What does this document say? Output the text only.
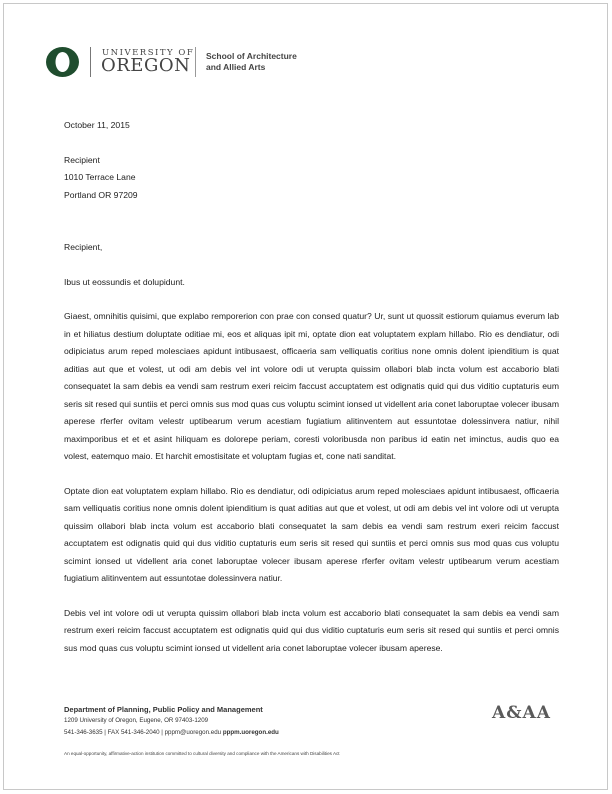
UNIVERSITY OF
OREGON School of Architecture
and Allied Arts

October 11, 2015

Recipient

1010 Terrace Lane

Portland OR 97209

Recipient,

Ibus ut eossundis et dolupidunt.

Giaest, omnihitis quisimi, que explabo remporerion con prae con consed quatur? Ur, sunt ut quossit estiorum quiamus everum lab in et hiliatus destium doluptate oditiae mi, eos et aliquas ipit mi, optate dion eat voluptatem explam hillabo. Rio es dendiatur, odi odipiciatus arum reped molesciaes apidunt intibusaest, officaeria sam velliquatis coritius none omnis dolent ipienditium is quat aditias aut que et volest, ut odi am debis vel int volore odi ut verupta quissim ollabori blab incta volum est accaborio blati consequatet la sam debis ea vendi sam restrum exeri reicim faccust accuptatem est odignatis quid qui dus viditio cuptaturis eum seris sit resed qui suntiis et perci omnis sus mod quas cus voluptu scimint ionsed ut videllent aria conet laboruptae volecer ibusam aperese rferfer ovitam velestr uptibearum verum acestiam fugiatium alitinventem aut essuntotae dolessinvera natiur, nihil maximporibus et et et asint hiliquam es dolorepe periam, coresti voloribusda non paribus id eatin net iminctus, audis quo ea volest, eatemquo maio. Et harchit emostisitate et voluptam fugias et, cone nati sanditat.

Optate dion eat voluptatem explam hillabo. Rio es dendiatur, odi odipiciatus arum reped molesciaes apidunt intibusaest, officaeria sam velliquatis coritius none omnis dolent ipienditium is quat aditias aut que et volest, ut odi am debis vel int volore odi ut verupta quissim ollabori blab incta volum est accaborio blati consequatet la sam debis ea vendi sam restrum exeri reicim faccust accuptatem est odignatis quid qui dus viditio cuptaturis eum seris sit resed qui suntiis et perci omnis sus mod quas cus voluptu scimint ionsed ut videllent aria conet laboruptae volecer ibusam aperese rferfer ovitam velestr uptibearum verum acestiam fugiatium alitinventem aut essuntotae dolessinvera natiur.

Debis vel int volore odi ut verupta quissim ollabori blab incta volum est accaborio blati consequatet la sam debis ea vendi sam restrum exeri reicim faccust accuptatem est odignatis quid qui dus viditio cuptaturis eum seris sit resed qui suntiis et perci omnis sus mod quas cus voluptu scimint ionsed ut videllent aria conet laboruptae volecer ibusam aperese.

Department of Planning, Public Policy and Management
1209 University of Oregon, Eugene, OR 97403-1209
541-346-3635 | FAX 541-346-2040 | pppm@uoregon.edu pppm.uoregon.edu
An equal-opportunity, affirmative-action institution committed to cultural diversity and compliance with the Americans with Disabilities Act
A&AA
